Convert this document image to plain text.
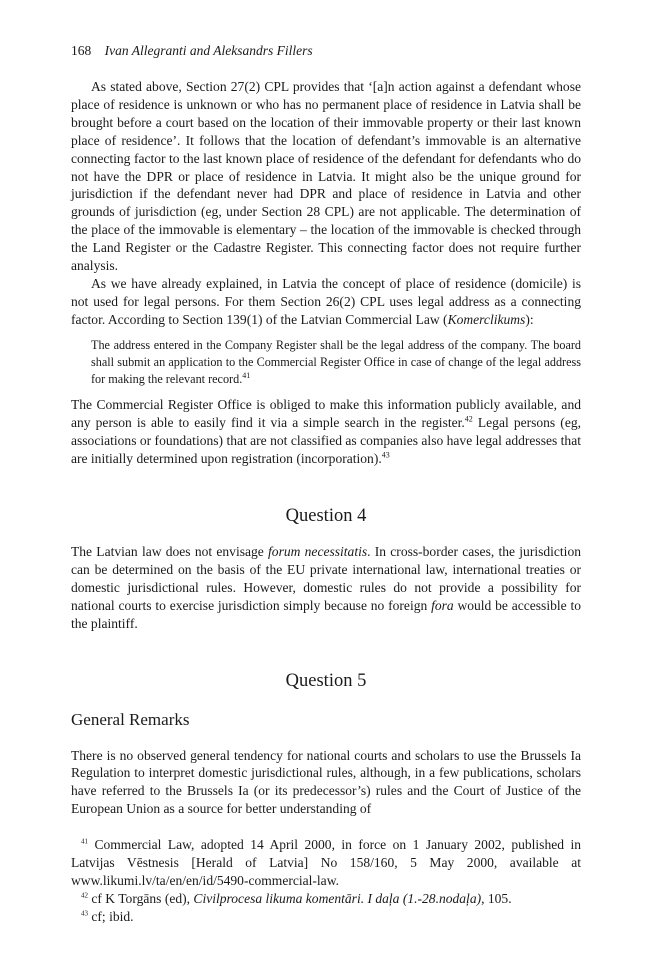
168 Ivan Allegranti and Aleksandrs Fillers

As stated above, Section 27(2) CPL provides that ‘[a]n action against a defendant whose place of residence is unknown or who has no permanent place of residence in Latvia shall be brought before a court based on the location of their immovable property or their last known place of residence’. It follows that the location of defendant’s immovable is an alternative connecting factor to the last known place of residence of the defendant for defendants who do not have the DPR or place of residence in Latvia. It might also be the unique ground for jurisdiction if the defendant never had DPR and place of residence in Latvia and other grounds of jurisdiction (eg, under Section 28 CPL) are not applicable. The determination of the place of the immovable is elementary – the location of the immovable is checked through the Land Register or the Cadastre Register. This connecting factor does not require further analysis.

As we have already explained, in Latvia the concept of place of residence (domicile) is not used for legal persons. For them Section 26(2) CPL uses legal address as a connecting factor. According to Section 139(1) of the Latvian Commercial Law (Komerclikums):

The address entered in the Company Register shall be the legal address of the company. The board shall submit an application to the Commercial Register Office in case of change of the legal address for making the relevant record.$^{41}$

The Commercial Register Office is obliged to make this information publicly available, and any person is able to easily find it via a simple search in the register.$^{42}$ Legal persons (eg, associations or foundations) that are not classified as companies also have legal addresses that are initially determined upon registration (incorporation).$^{43}$

Question 4

The Latvian law does not envisage forum necessitatis. In cross-border cases, the jurisdiction can be determined on the basis of the EU private international law, international treaties or domestic jurisdictional rules. However, domestic rules do not provide a possibility for national courts to exercise jurisdiction simply because no foreign fora would be accessible to the plaintiff.

Question 5
General Remarks

There is no observed general tendency for national courts and scholars to use the Brussels Ia Regulation to interpret domestic jurisdictional rules, although, in a few publications, scholars have referred to the Brussels Ia (or its predecessor’s) rules and the Court of Justice of the European Union as a source for better understanding of

$^{41}$ Commercial Law, adopted 14 April 2000, in force on 1 January 2002, published in Latvijas Vēstnesis [Herald of Latvia] No 158/160, 5 May 2000, available at www.likumi.lv/ta/en/en/id/5490-commercial-law.

$^{42}$ cf K Torgāns (ed), Civilprocesa likuma komentāri. I daļa (1.-28.nodaļa), 105.

$^{43}$ cf; ibid.
